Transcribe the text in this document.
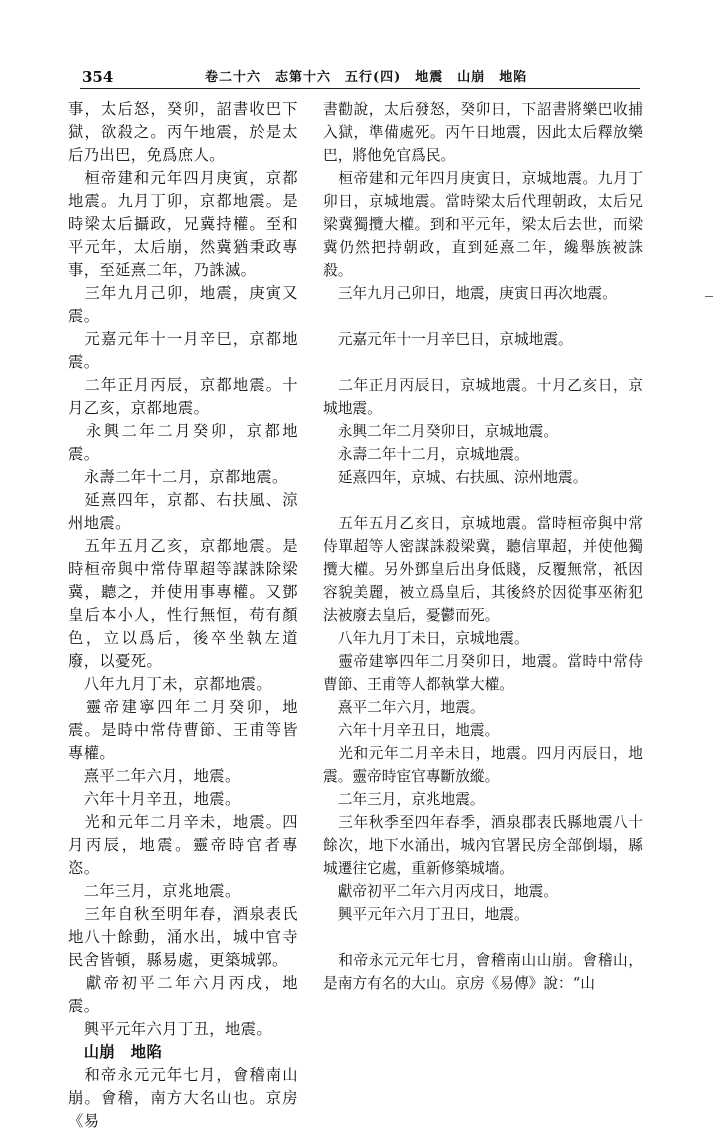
354	卷二十六　志第十六　五行(四)　地震　山崩　地陷

事，太后怒，癸卯，詔書收巴下獄，欲殺之。丙午地震，於是太后乃出巴，免爲庶人。

　桓帝建和元年四月庚寅，京都地震。九月丁卯，京都地震。是時梁太后攝政，兄冀持權。至和平元年，太后崩，然冀猶秉政專事，至延熹二年，乃誅滅。

　三年九月己卯，地震，庚寅又震。

　元嘉元年十一月辛巳，京都地震。

　二年正月丙辰，京都地震。十月乙亥，京都地震。

　永興二年二月癸卯，京都地震。

　永壽二年十二月，京都地震。

　延熹四年，京都、右扶風、涼州地震。

　五年五月乙亥，京都地震。是時桓帝與中常侍單超等謀誅除梁冀，聽之，并使用事專權。又鄧皇后本小人，性行無恒，苟有顏色，立以爲后，後卒坐執左道廢，以憂死。

　八年九月丁未，京都地震。

　靈帝建寧四年二月癸卯，地震。是時中常侍曹節、王甫等皆專權。

　熹平二年六月，地震。

　六年十月辛丑，地震。

　光和元年二月辛未，地震。四月丙辰，地震。靈帝時官者專恣。

　二年三月，京兆地震。

　三年自秋至明年春，酒泉表氏地八十餘動，涌水出，城中官寺民舍皆頓，縣易處，更築城郭。

　獻帝初平二年六月丙戌，地震。

　興平元年六月丁丑，地震。

　山崩　地陷

　和帝永元元年七月，會稽南山崩。會稽，南方大名山也。京房《易

書勸說，太后發怒，癸卯日，下詔書將樂巴收捕入獄，準備處死。丙午日地震，因此太后釋放樂巴，將他免官爲民。

　桓帝建和元年四月庚寅日，京城地震。九月丁卯日，京城地震。當時梁太后代理朝政，太后兄梁冀獨攬大權。到和平元年，梁太后去世，而梁冀仍然把持朝政，直到延熹二年，纔舉族被誅殺。

　三年九月己卯日，地震，庚寅日再次地震。

　元嘉元年十一月辛巳日，京城地震。

　二年正月丙辰日，京城地震。十月乙亥日，京城地震。

　永興二年二月癸卯日，京城地震。

　永壽二年十二月，京城地震。

　延熹四年，京城、右扶風、涼州地震。

　五年五月乙亥日，京城地震。當時桓帝與中常侍單超等人密謀誅殺梁冀，聽信單超，并使他獨攬大權。另外鄧皇后出身低賤，反覆無常，衹因容貌美麗，被立爲皇后，其後終於因從事巫術犯法被廢去皇后，憂鬱而死。

　八年九月丁未日，京城地震。

　靈帝建寧四年二月癸卯日，地震。當時中常侍曹節、王甫等人都執掌大權。

　熹平二年六月，地震。

　六年十月辛丑日，地震。

　光和元年二月辛未日，地震。四月丙辰日，地震。靈帝時宦官專斷放縱。

　二年三月，京兆地震。

　三年秋季至四年春季，酒泉郡表氏縣地震八十餘次，地下水涌出，城內官署民房全部倒塌，縣城遷往它處，重新修築城墻。

　獻帝初平二年六月丙戌日，地震。

　興平元年六月丁丑日，地震。

　和帝永元元年七月，會稽南山山崩。會稽山，是南方有名的大山。京房《易傳》說：“山
